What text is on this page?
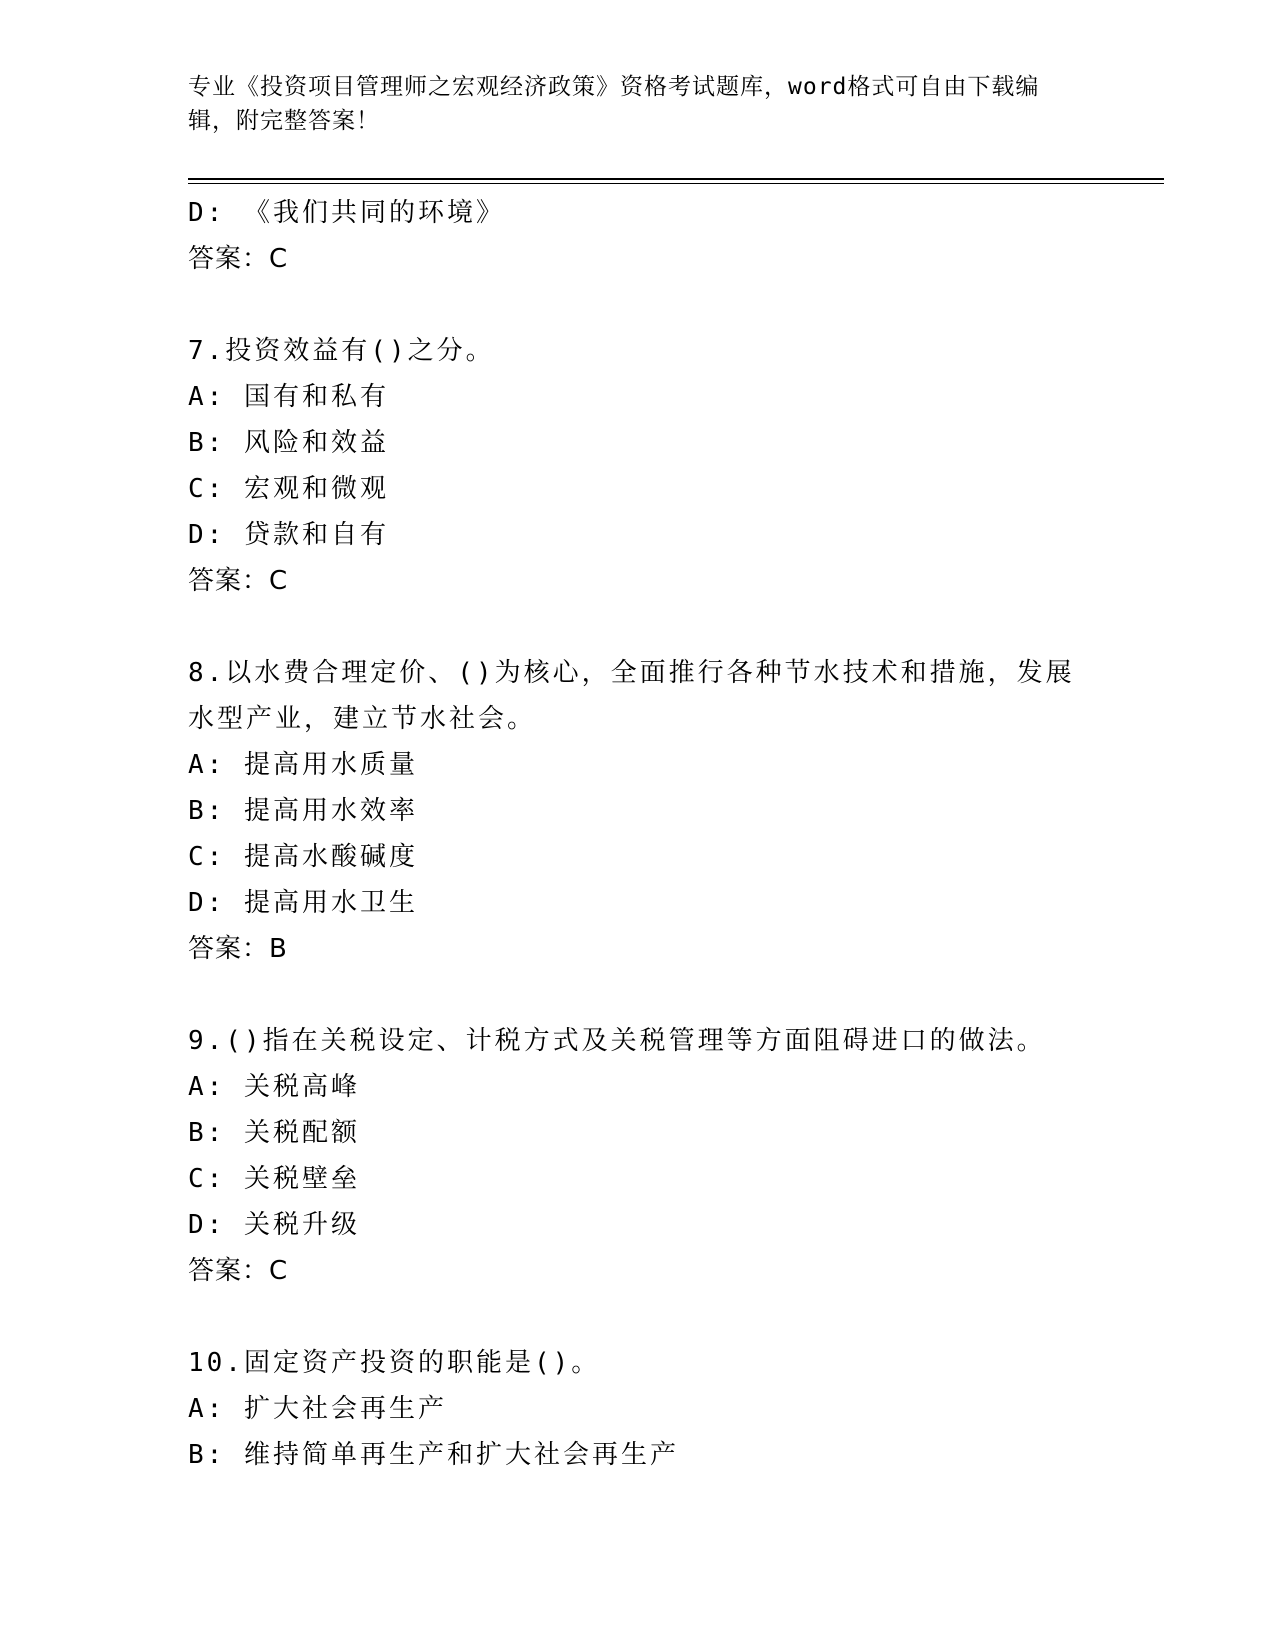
专业《投资项目管理师之宏观经济政策》资格考试题库，word格式可自由下载编
辑，附完整答案！
D: 《我们共同的环境》
答案：C
7.投资效益有()之分。
A: 国有和私有
B: 风险和效益
C: 宏观和微观
D: 贷款和自有
答案：C
8.以水费合理定价、()为核心，全面推行各种节水技术和措施，发展
水型产业，建立节水社会。
A: 提高用水质量
B: 提高用水效率
C: 提高水酸碱度
D: 提高用水卫生
答案：B
9.()指在关税设定、计税方式及关税管理等方面阻碍进口的做法。
A: 关税高峰
B: 关税配额
C: 关税壁垒
D: 关税升级
答案：C
10.固定资产投资的职能是()。
A: 扩大社会再生产
B: 维持简单再生产和扩大社会再生产
